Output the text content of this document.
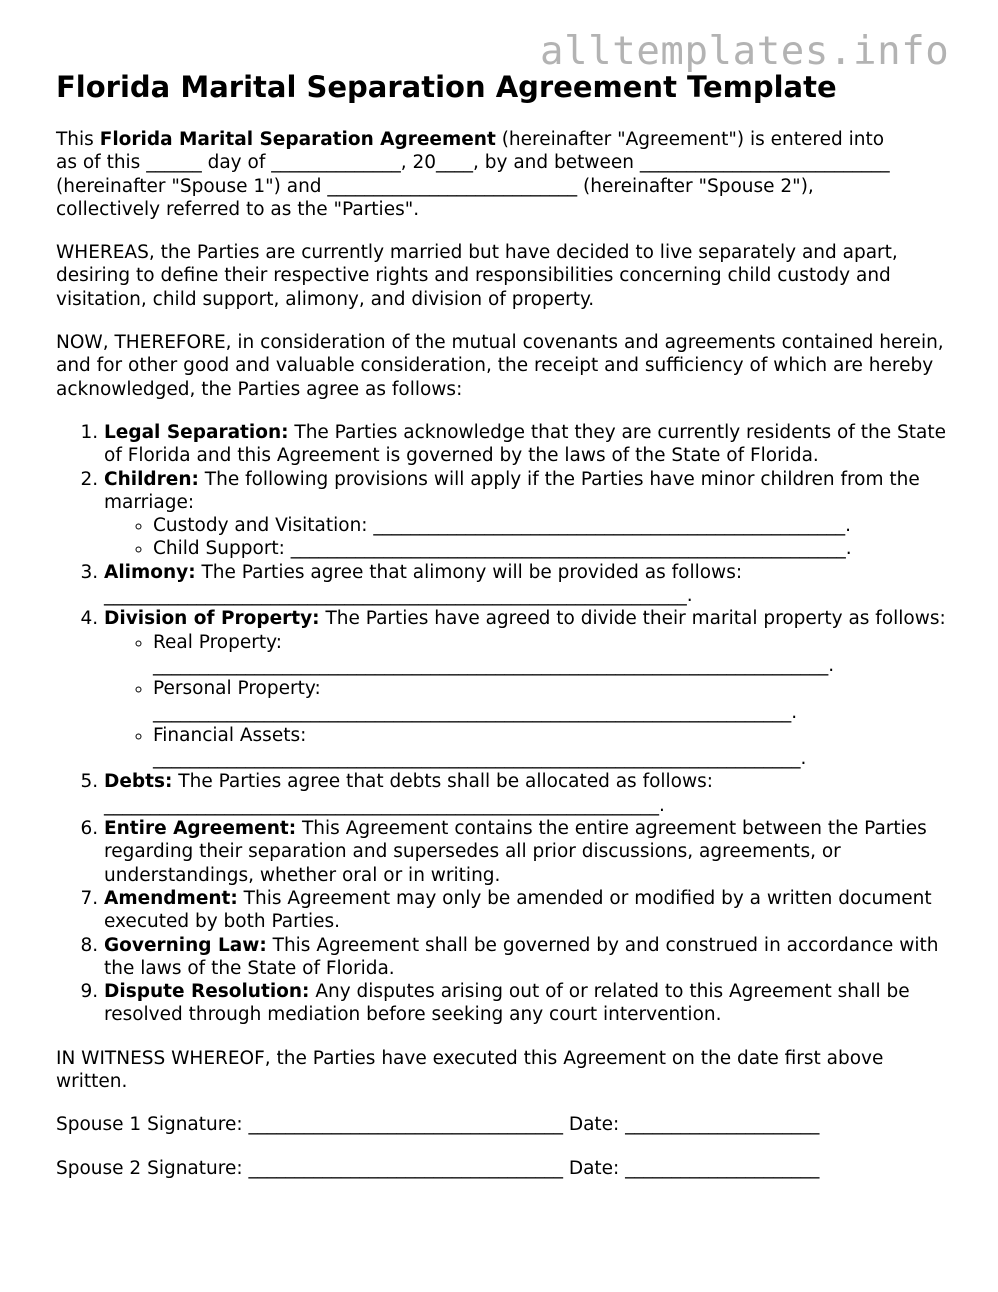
alltemplates.info
Florida Marital Separation Agreement Template

This Florida Marital Separation Agreement (hereinafter "Agreement") is entered into
as of this ______ day of ______________, 20____, by and between ___________________________
(hereinafter "Spouse 1") and ___________________________ (hereinafter "Spouse 2"),
collectively referred to as the "Parties".

WHEREAS, the Parties are currently married but have decided to live separately and apart, desiring to define their respective rights and responsibilities concerning child custody and visitation, child support, alimony, and division of property.

NOW, THEREFORE, in consideration of the mutual covenants and agreements contained herein, and for other good and valuable consideration, the receipt and sufficiency of which are hereby acknowledged, the Parties agree as follows:

1. Legal Separation: The Parties acknowledge that they are currently residents of the State of Florida and this Agreement is governed by the laws of the State of Florida.
2. Children: The following provisions will apply if the Parties have minor children from the marriage:
◦ Custody and Visitation: ___________________________________________________.
◦ Child Support: ____________________________________________________________.
3. Alimony: The Parties agree that alimony will be provided as follows: _______________________________________________________________.
4. Division of Property: The Parties have agreed to divide their marital property as follows:
◦ Real Property: _________________________________________________________________________.
◦ Personal Property: _____________________________________________________________________.
◦ Financial Assets: ______________________________________________________________________.
5. Debts: The Parties agree that debts shall be allocated as follows: ____________________________________________________________.
6. Entire Agreement: This Agreement contains the entire agreement between the Parties regarding their separation and supersedes all prior discussions, agreements, or understandings, whether oral or in writing.
7. Amendment: This Agreement may only be amended or modified by a written document executed by both Parties.
8. Governing Law: This Agreement shall be governed by and construed in accordance with the laws of the State of Florida.
9. Dispute Resolution: Any disputes arising out of or related to this Agreement shall be resolved through mediation before seeking any court intervention.

IN WITNESS WHEREOF, the Parties have executed this Agreement on the date first above written.

Spouse 1 Signature: __________________________________ Date: _____________________

Spouse 2 Signature: __________________________________ Date: _____________________
